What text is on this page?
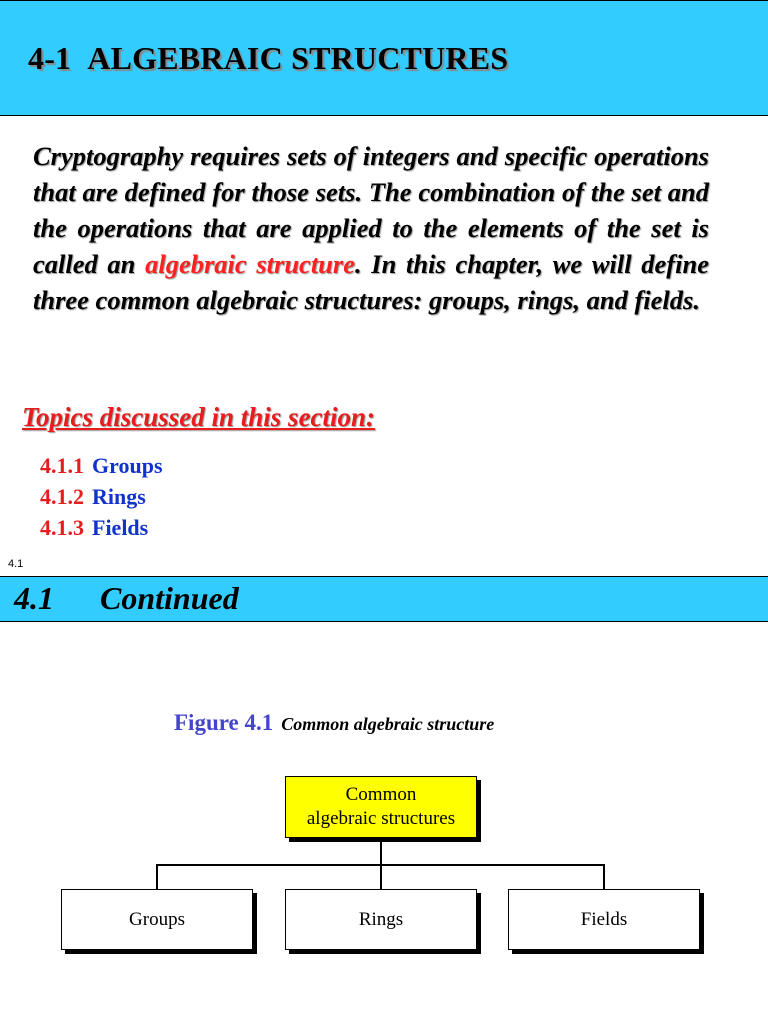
4-1 ALGEBRAIC STRUCTURES

Cryptography requires sets of integers and specific operations that are defined for those sets. The combination of the set and the operations that are applied to the elements of the set is called an algebraic structure. In this chapter, we will define three common algebraic structures: groups, rings, and fields.

Topics discussed in this section:
4.1.1 Groups
4.1.2 Rings
4.1.3 Fields
4.1
4.1 Continued

Figure 4.1 Common algebraic structure

Common
algebraic structures
Groups	Rings	Fields
